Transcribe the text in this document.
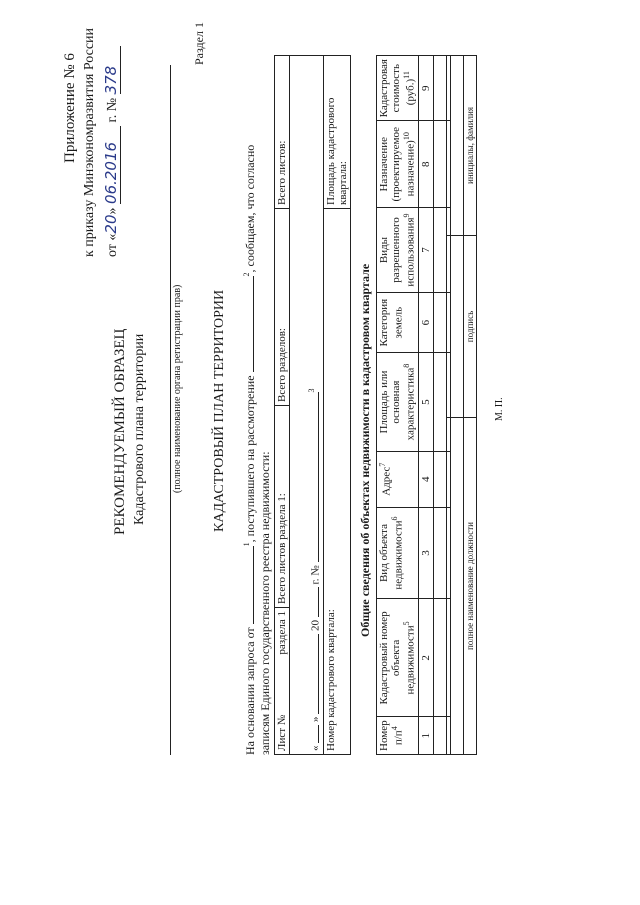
Приложение № 6 к приказу Минэкономразвития России от «20» 06.2016 г. № 378
РЕКОМЕНДУЕМЫЙ ОБРАЗЕЦ Кадастрового плана территории	(полное наименование органа регистрации прав)
Раздел 1
КАДАСТРОВЫЙ ПЛАН ТЕРРИТОРИИ
На основании запроса от $^1$, поступившего на рассмотрение $^2$, сообщаем, что согласно
записям Единого государственного реестра недвижимости: Лист №
раздела 1	Всего листов раздела 1:	Всего разделов:	Всего листов:
«  »  20  г. № $^3$
Номер кадастрового квартала:			Площадь кадастрового квартала:
Общие сведения об объектах недвижимости в кадастровом квартале
Номер $п/п^4$	Кадастровый номер объекта недвижимости$^5$	Вид объекта недвижимости$^6$	Адрес$^7$	Площадь или основная характеристика$^8$	Категория земель	Виды разрешенного использования$^9$	Назначение (проектируемое назначение)$^{10}$	Кадастровая стоимость $(руб.)^{11}$
1	2	3	4	5	6	7	8	9

полное наименование должности	подпись	инициалы, фамилия
М. П.
